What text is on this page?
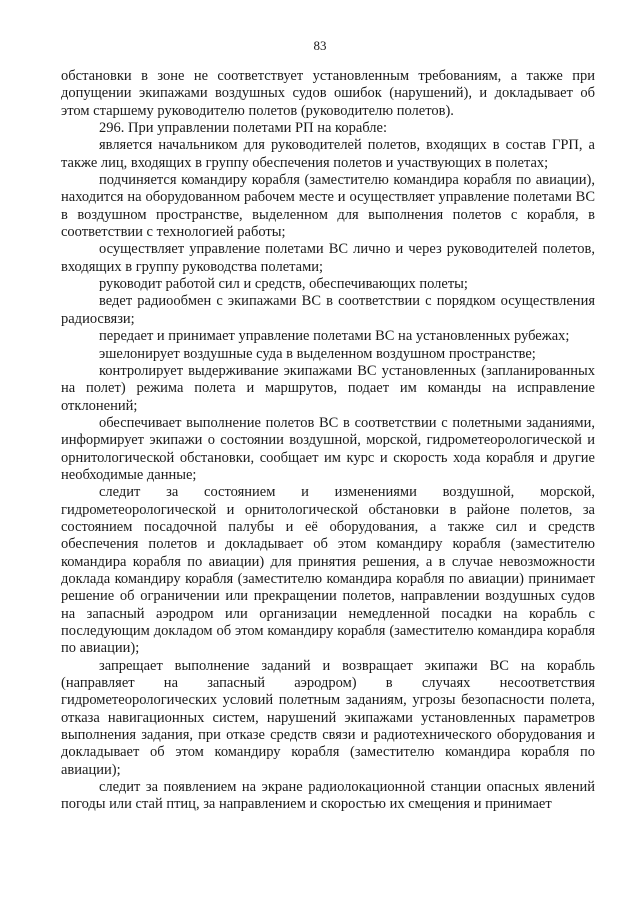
83

обстановки в зоне не соответствует установленным требованиям, а также при допущении экипажами воздушных судов ошибок (нарушений), и докладывает об этом старшему руководителю полетов (руководителю полетов).

296. При управлении полетами РП на корабле:

является начальником для руководителей полетов, входящих в состав ГРП, а также лиц, входящих в группу обеспечения полетов и участвующих в полетах;

подчиняется командиру корабля (заместителю командира корабля по авиации), находится на оборудованном рабочем месте и осуществляет управление полетами ВС в воздушном пространстве, выделенном для выполнения полетов с корабля, в соответствии с технологией работы;

осуществляет управление полетами ВС лично и через руководителей полетов, входящих в группу руководства полетами;

руководит работой сил и средств, обеспечивающих полеты;

ведет радиообмен с экипажами ВС в соответствии с порядком осуществления радиосвязи;

передает и принимает управление полетами ВС на установленных рубежах;

эшелонирует воздушные суда в выделенном воздушном пространстве;

контролирует выдерживание экипажами ВС установленных (запланированных на полет) режима полета и маршрутов, подает им команды на исправление отклонений;

обеспечивает выполнение полетов ВС в соответствии с полетными заданиями, информирует экипажи о состоянии воздушной, морской, гидрометеорологической и орнитологической обстановки, сообщает им курс и скорость хода корабля и другие необходимые данные;

следит за состоянием и изменениями воздушной, морской, гидрометеорологической и орнитологической обстановки в районе полетов, за состоянием посадочной палубы и её оборудования, а также сил и средств обеспечения полетов и докладывает об этом командиру корабля (заместителю командира корабля по авиации) для принятия решения, а в случае невозможности доклада командиру корабля (заместителю командира корабля по авиации) принимает решение об ограничении или прекращении полетов, направлении воздушных судов на запасный аэродром или организации немедленной посадки на корабль с последующим докладом об этом командиру корабля (заместителю командира корабля по авиации);

запрещает выполнение заданий и возвращает экипажи ВС на корабль (направляет на запасный аэродром) в случаях несоответствия гидрометеорологических условий полетным заданиям, угрозы безопасности полета, отказа навигационных систем, нарушений экипажами установленных параметров выполнения задания, при отказе средств связи и радиотехнического оборудования и докладывает об этом командиру корабля (заместителю командира корабля по авиации);

следит за появлением на экране радиолокационной станции опасных явлений погоды или стай птиц, за направлением и скоростью их смещения и принимает
